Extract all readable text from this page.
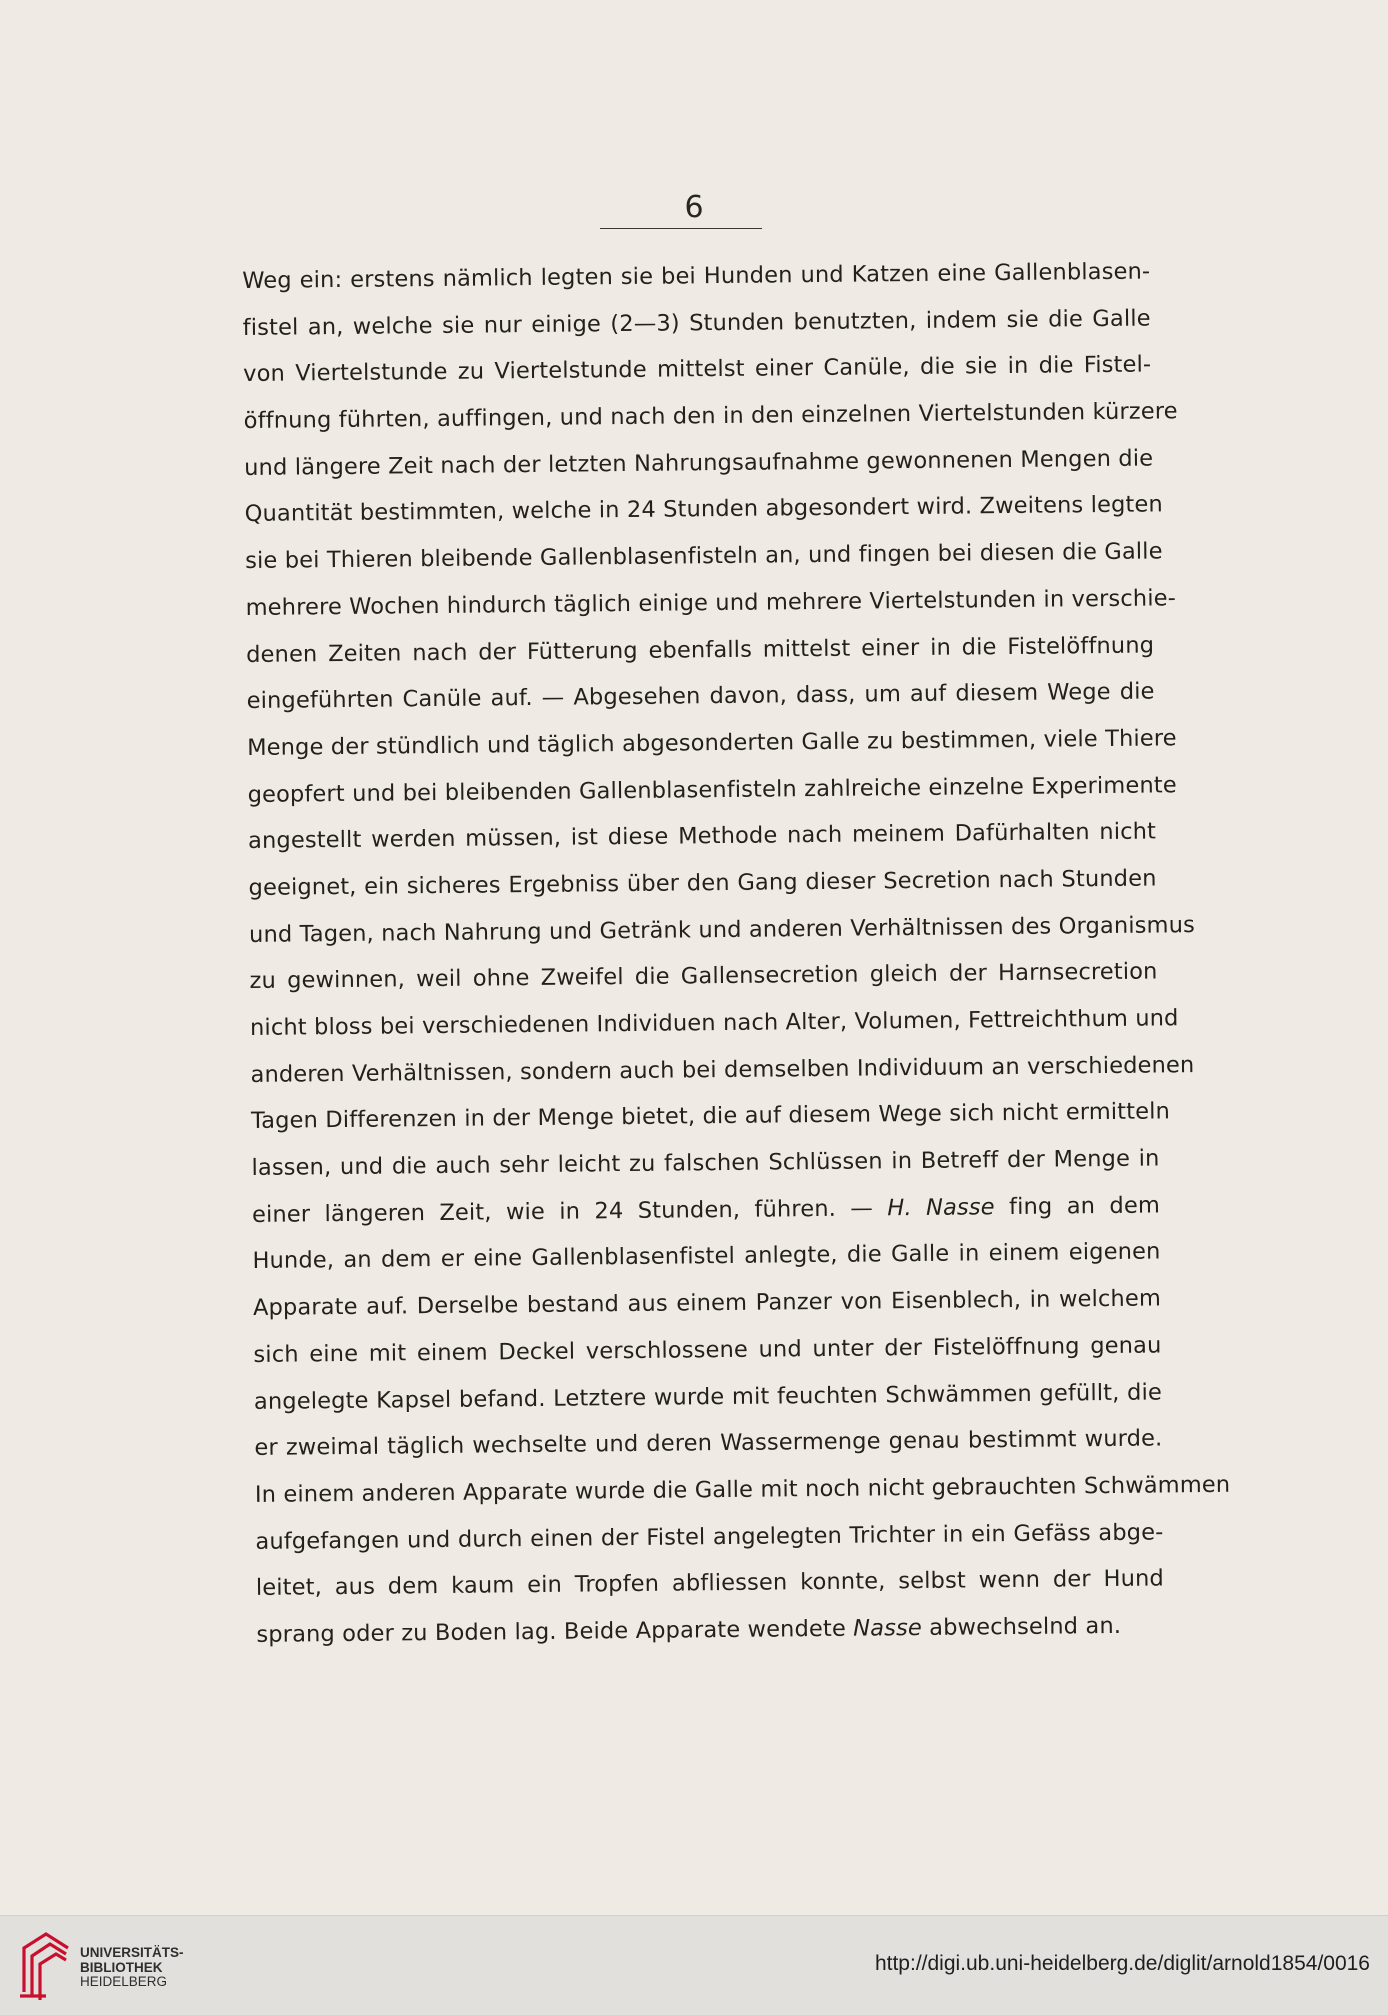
6
Weg ein: erstens nämlich legten sie bei Hunden und Katzen eine Gallenblasen-
fistel an, welche sie nur einige (2—3) Stunden benutzten, indem sie die Galle
von Viertelstunde zu Viertelstunde mittelst einer Canüle, die sie in die Fistel-
öffnung führten, auffingen, und nach den in den einzelnen Viertelstunden kürzere
und längere Zeit nach der letzten Nahrungsaufnahme gewonnenen Mengen die
Quantität bestimmten, welche in 24 Stunden abgesondert wird. Zweitens legten
sie bei Thieren bleibende Gallenblasenfisteln an, und fingen bei diesen die Galle
mehrere Wochen hindurch täglich einige und mehrere Viertelstunden in verschie-
denen Zeiten nach der Fütterung ebenfalls mittelst einer in die Fistelöffnung
eingeführten Canüle auf. — Abgesehen davon, dass, um auf diesem Wege die
Menge der stündlich und täglich abgesonderten Galle zu bestimmen, viele Thiere
geopfert und bei bleibenden Gallenblasenfisteln zahlreiche einzelne Experimente
angestellt werden müssen, ist diese Methode nach meinem Dafürhalten nicht
geeignet, ein sicheres Ergebniss über den Gang dieser Secretion nach Stunden
und Tagen, nach Nahrung und Getränk und anderen Verhältnissen des Organismus
zu gewinnen, weil ohne Zweifel die Gallensecretion gleich der Harnsecretion
nicht bloss bei verschiedenen Individuen nach Alter, Volumen, Fettreichthum und
anderen Verhältnissen, sondern auch bei demselben Individuum an verschiedenen
Tagen Differenzen in der Menge bietet, die auf diesem Wege sich nicht ermitteln
lassen, und die auch sehr leicht zu falschen Schlüssen in Betreff der Menge in
einer längeren Zeit, wie in 24 Stunden, führen. — H. Nasse fing an dem
Hunde, an dem er eine Gallenblasenfistel anlegte, die Galle in einem eigenen
Apparate auf. Derselbe bestand aus einem Panzer von Eisenblech, in welchem
sich eine mit einem Deckel verschlossene und unter der Fistelöffnung genau
angelegte Kapsel befand. Letztere wurde mit feuchten Schwämmen gefüllt, die
er zweimal täglich wechselte und deren Wassermenge genau bestimmt wurde.
In einem anderen Apparate wurde die Galle mit noch nicht gebrauchten Schwämmen
aufgefangen und durch einen der Fistel angelegten Trichter in ein Gefäss abge-
leitet, aus dem kaum ein Tropfen abfliessen konnte, selbst wenn der Hund
sprang oder zu Boden lag. Beide Apparate wendete Nasse abwechselnd an.
UNIVERSITÄTS-
BIBLIOTHEK
HEIDELBERG
http://digi.ub.uni-heidelberg.de/diglit/arnold1854/0016
